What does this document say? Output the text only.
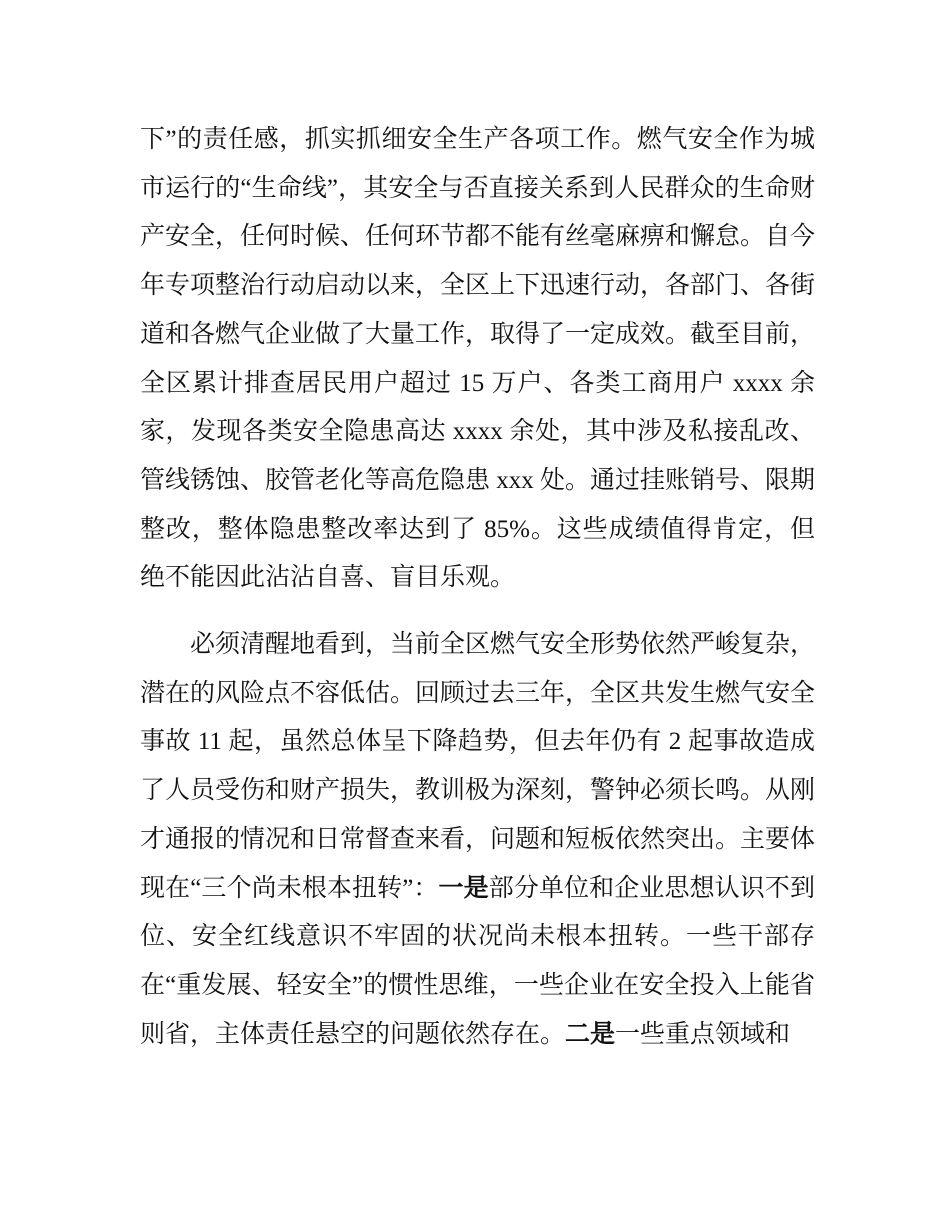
下”的责任感，抓实抓细安全生产各项工作。燃气安全作为城市运行的“生命线”，其安全与否直接关系到人民群众的生命财产安全，任何时候、任何环节都不能有丝毫麻痹和懈怠。自今年专项整治行动启动以来，全区上下迅速行动，各部门、各街道和各燃气企业做了大量工作，取得了一定成效。截至目前，全区累计排查居民用户超过 15 万户、各类工商用户 xxxx 余家，发现各类安全隐患高达 xxxx 余处，其中涉及私接乱改、管线锈蚀、胶管老化等高危隐患 xxx 处。通过挂账销号、限期整改，整体隐患整改率达到了 85%。这些成绩值得肯定，但绝不能因此沾沾自喜、盲目乐观。

必须清醒地看到，当前全区燃气安全形势依然严峻复杂，潜在的风险点不容低估。回顾过去三年，全区共发生燃气安全事故 11 起，虽然总体呈下降趋势，但去年仍有 2 起事故造成了人员受伤和财产损失，教训极为深刻，警钟必须长鸣。从刚才通报的情况和日常督查来看，问题和短板依然突出。主要体现在“三个尚未根本扭转”：一是部分单位和企业思想认识不到位、安全红线意识不牢固的状况尚未根本扭转。一些干部存在“重发展、轻安全”的惯性思维，一些企业在安全投入上能省则省，主体责任悬空的问题依然存在。二是一些重点领域和
